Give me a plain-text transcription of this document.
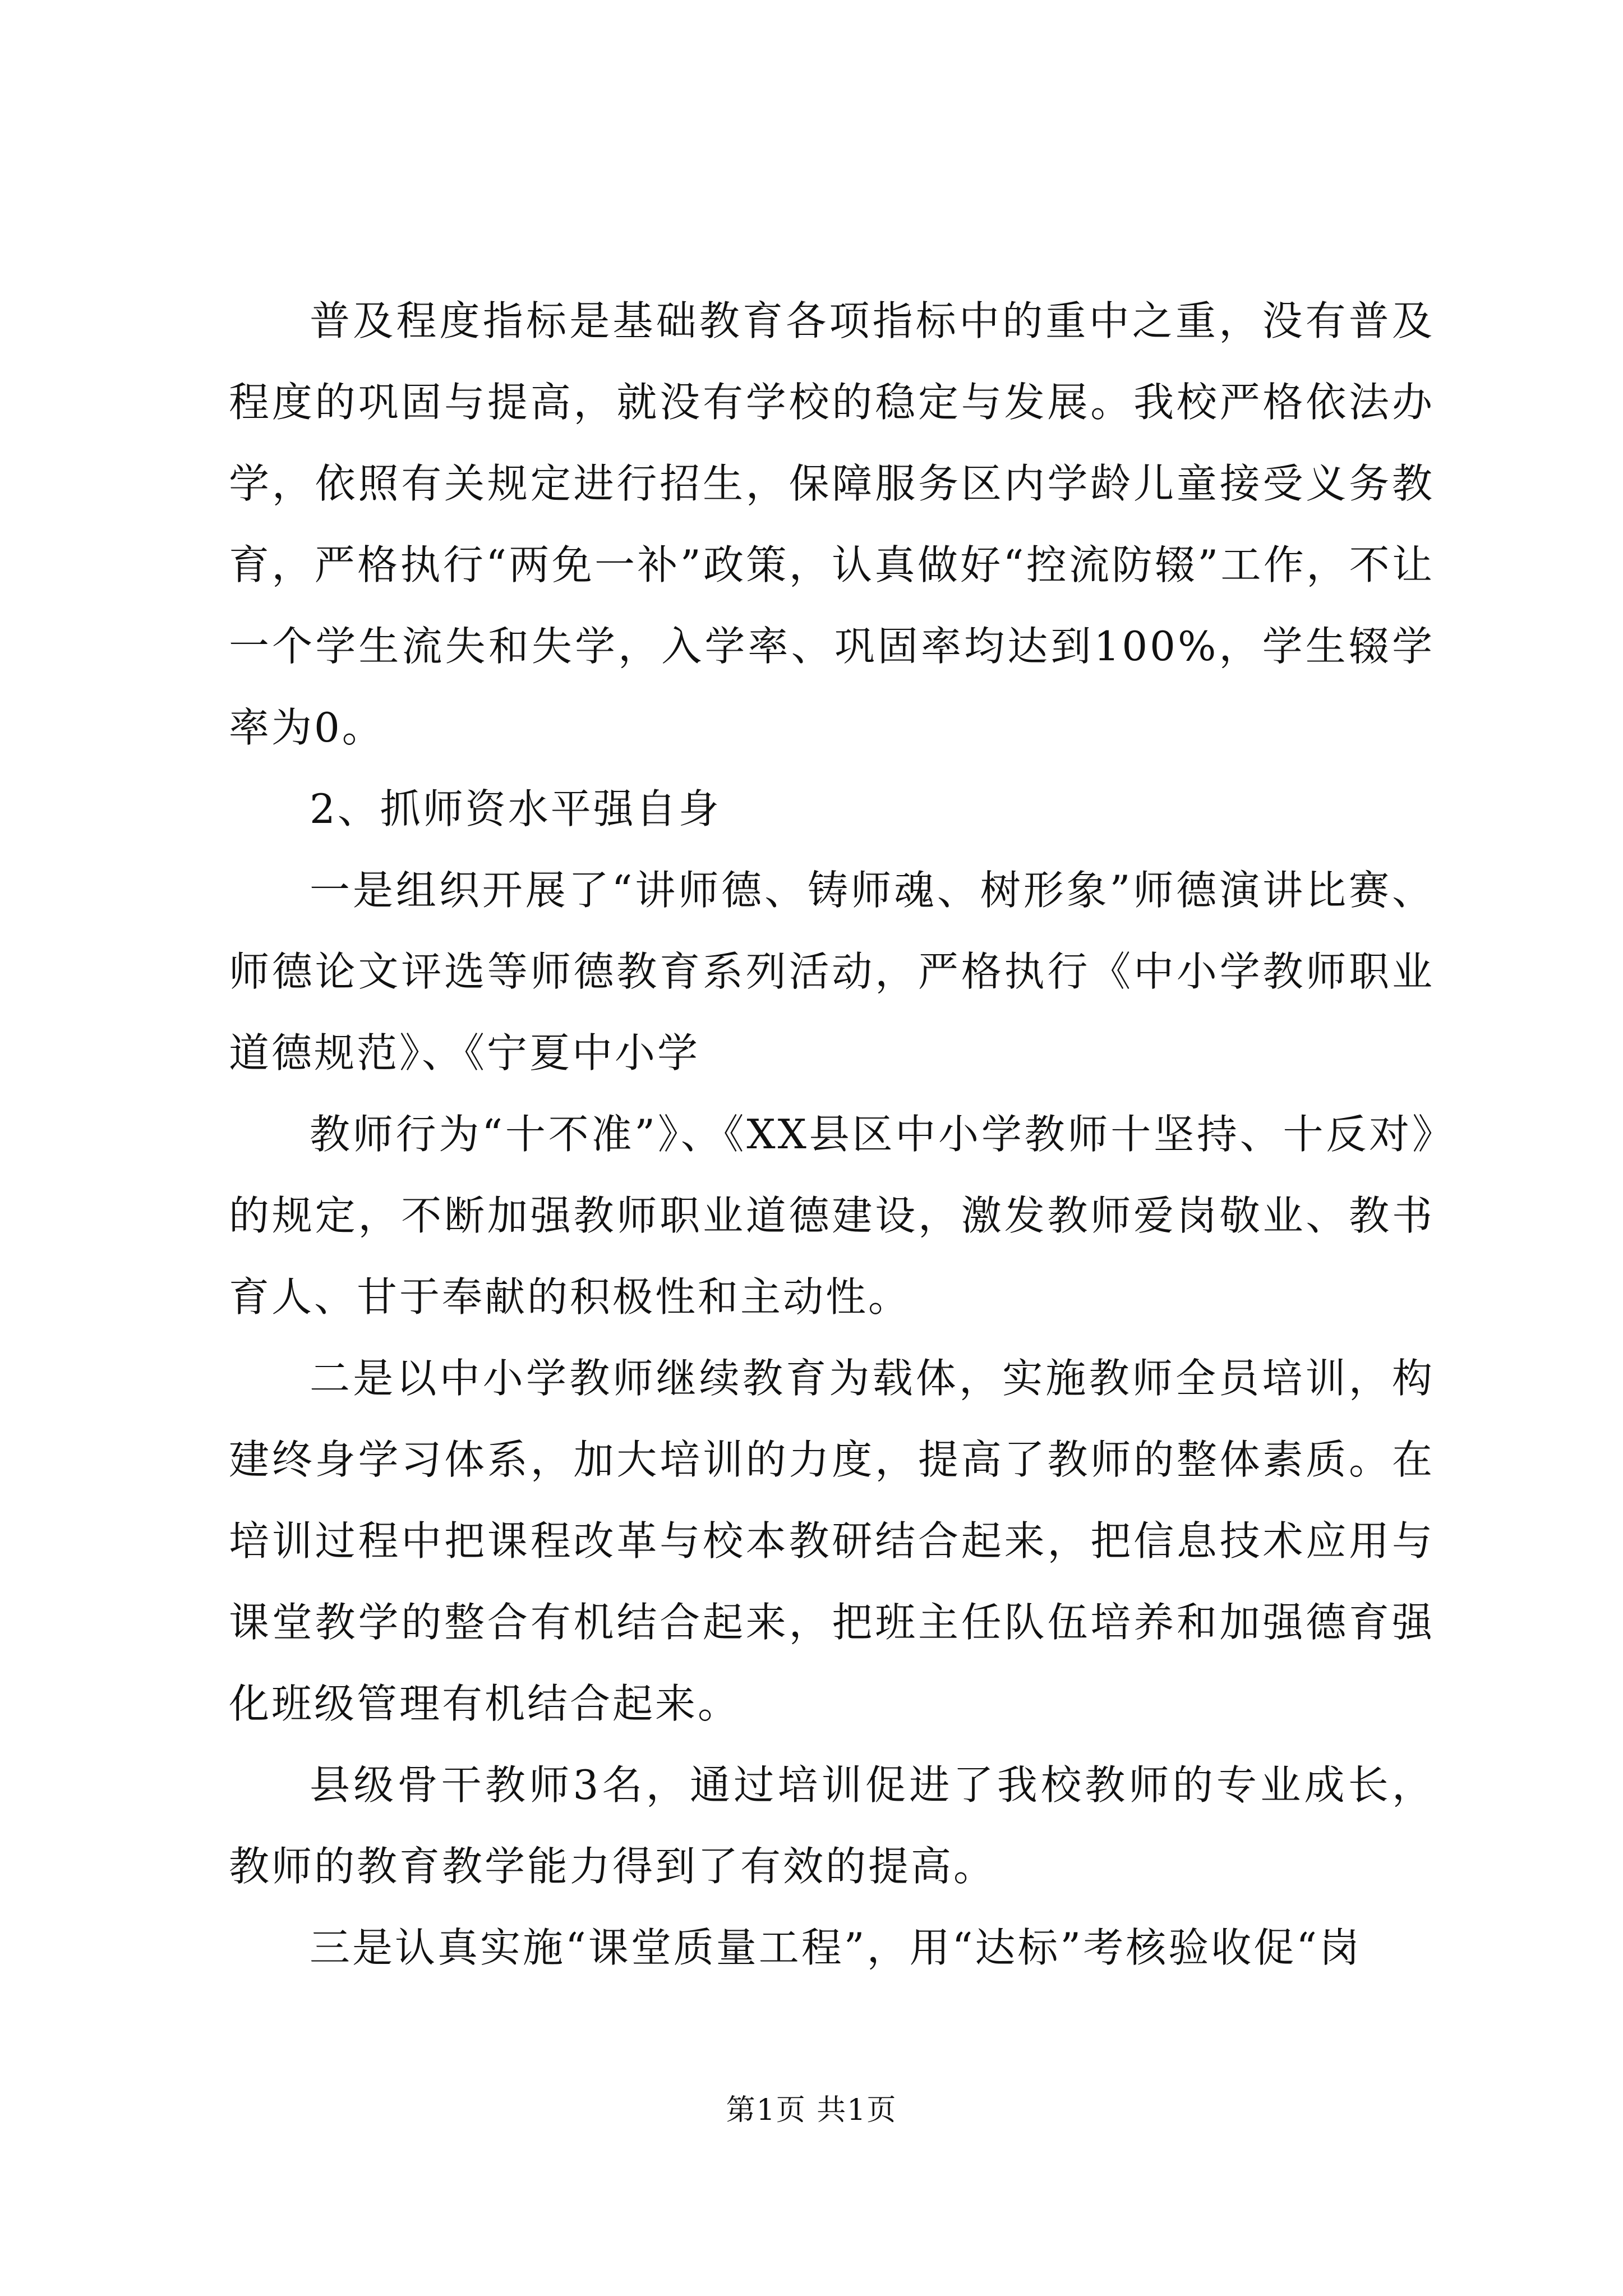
普及程度指标是基础教育各项指标中的重中之重，没有普及程度的巩固与提高，就没有学校的稳定与发展。我校严格依法办学，依照有关规定进行招生，保障服务区内学龄儿童接受义务教育，严格执行“两免一补”政策，认真做好“控流防辍”工作，不让一个学生流失和失学，入学率、巩固率均达到100%，学生辍学率为0。

2、抓师资水平强自身

一是组织开展了“讲师德、铸师魂、树形象”师德演讲比赛、师德论文评选等师德教育系列活动，严格执行《中小学教师职业道德规范》、《宁夏中小学

教师行为“十不准”》、《XX县区中小学教师十坚持、十反对》的规定，不断加强教师职业道德建设，激发教师爱岗敬业、教书育人、甘于奉献的积极性和主动性。

二是以中小学教师继续教育为载体，实施教师全员培训，构建终身学习体系，加大培训的力度，提高了教师的整体素质。在培训过程中把课程改革与校本教研结合起来，把信息技术应用与课堂教学的整合有机结合起来，把班主任队伍培养和加强德育强化班级管理有机结合起来。

县级骨干教师3名，通过培训促进了我校教师的专业成长，教师的教育教学能力得到了有效的提高。

三是认真实施“课堂质量工程”，用“达标”考核验收促“岗

第1页 共1页
